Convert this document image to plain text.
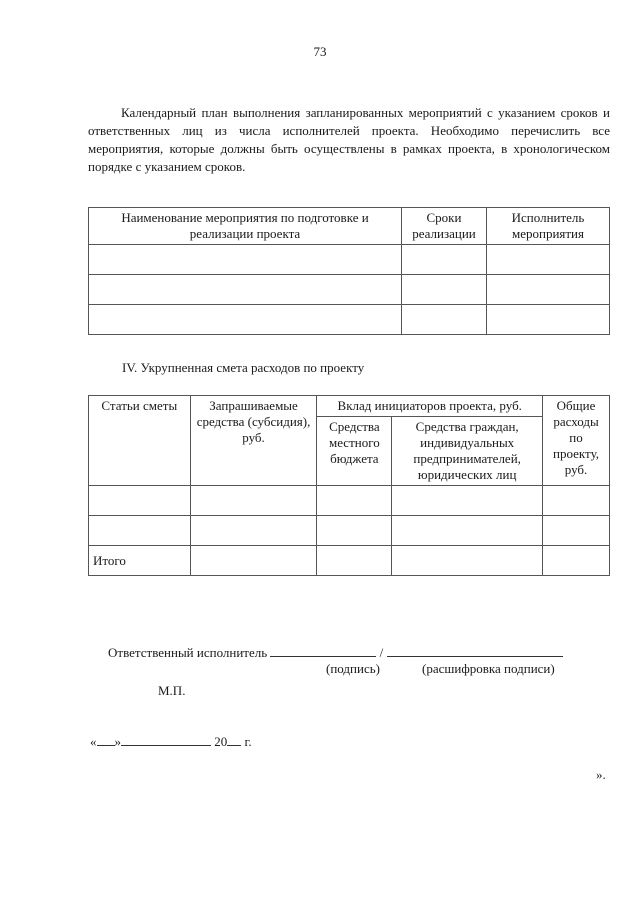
73

Календарный план выполнения запланированных мероприятий с указанием сроков и ответственных лиц из числа исполнителей проекта. Необходимо перечислить все мероприятия, которые должны быть осуществлены в рамках проекта, в хронологическом порядке с указанием сроков.

Наименование мероприятия по подготовке и реализации проекта	Сроки реализации	Исполнитель мероприятия

IV. Укрупненная смета расходов по проекту
Статьи сметы	Запрашиваемые средства (субсидия), руб.	Вклад инициаторов проекта, руб.		Общие расходы по проекту, руб.
		Средства местного бюджета	Средства граждан, индивидуальных предпринимателей, юридических лиц	

Итого				
Ответственный исполнитель	/
(подпись)	(расшифровка подписи)
М.П.
« »	20 г.
».
